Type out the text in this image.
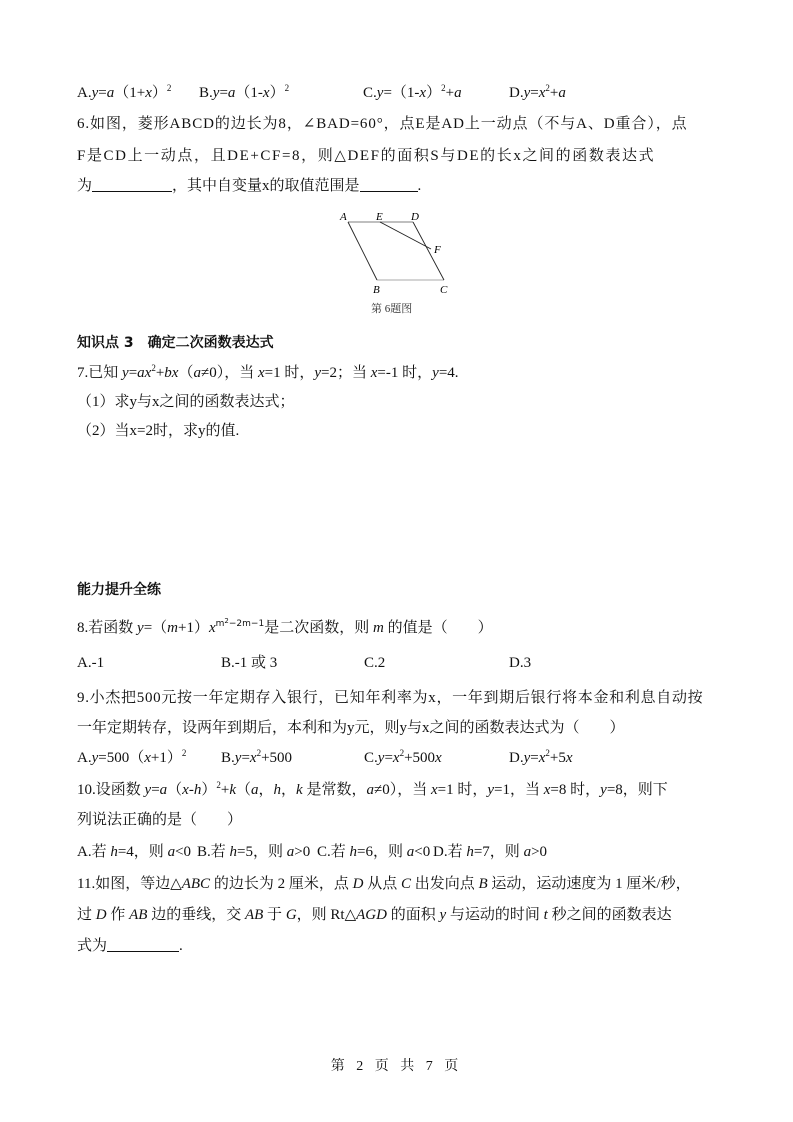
$A.y=a(1+x)^2$ $B.y=a(1-x)^2$	$C.y=(1-x)^2+a$	$D.y=x^2+a$
6.如图，菱形ABCD的边长为8，∠BAD=60°，点E是AD上一动点（不与A、D重合），点
F是CD上一动点，且DE+CF=8，则△DEF的面积S与DE的长x之间的函数表达式
为	，其中自变量x的取值范围是	.
A	E	D
F
B	C
第 6题图
知识点 3　确定二次函数表达式
7.已知 $y=ax^2+bx(a\ne 0)$，当 x=1 时，y=2；当 x=-1 时，y=4.
（1）求y与x之间的函数表达式；
（2）当x=2时，求y的值.
能力提升全练
8.若函数 $y=(m+1)x^{m^2-2m-1}$是二次函数，则 m 的值是（　　）
A.-1	B.-1 或 3	C.2	D.3
9.小杰把500元按一年定期存入银行，已知年利率为x，一年到期后银行将本金和利息自动按
一年定期转存，设两年到期后，本利和为y元，则y与x之间的函数表达式为（　　）
$A.y=500(x+1)^2$ $B.y=x^2+500$	$C.y=x^2+500x$	$D.y=x^2+5x$
10.设函数 $y=a(x-h)^2+k(a$，h，k 是常数，a≠0），当 x=1 时，y=1，当 x=8 时，y=8，则下
列说法正确的是（　　）
A.若 h=4，则 a<0 B.若 h=5，则 a>0 C.若 h=6，则 a<0 D.若 h=7，则 a>0
11.如图，等边△ABC 的边长为 2 厘米，点 D 从点 C 出发向点 B 运动，运动速度为 1 厘米/秒，
过 D 作 AB 边的垂线，交 AB 于 G，则 Rt△AGD 的面积 y 与运动的时间 t 秒之间的函数表达
式为	.
第 2 页 共 7 页
